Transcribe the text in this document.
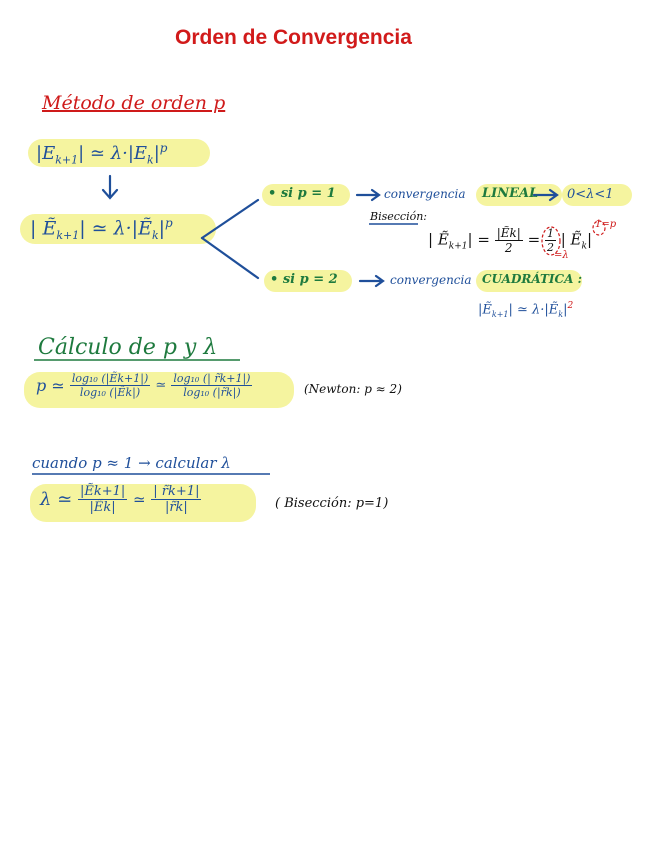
Orden de Convergencia
Método de orden p
$|E_{k+1}|$ ≃ $\lambda\cdot|E_k|^p$
| Ẽ$_{k+1}$| ≃ $\lambda\cdot|Ẽ_k|^p$
• si p = 1	convergencia LINEAL 0<λ<1
Bisección:
| Ẽ$_{k+1}$| = $\frac{\text{|Ẽk|}}{2} = \frac{1}{2}$ | Ẽ$_k$|
1=p
=λ
• si p = 2	convergencia CUADRÁTICA :
|Ẽ$_{k+1}$| ≃ $\lambda\cdot|Ẽ_k|^2$
Cálculo de p y λ
p ≃ $\frac{\text{log₁₀ (|Ẽk+1|)}}{\text{log₁₀ (|Ẽk|)}}$ ≃ $\frac{\text{log₁₀ (| r̃k+1|)}}{\text{log₁₀ (|r̃k|)}}$	(Newton: p ≈ 2)
cuando p ≈ 1 → calcular λ
λ ≃ $\frac{\text{|Ẽk+1|}}{\text{|Ẽk|}}$ ≃ $\frac{| r̃k+1|}{|r̃k|}$	( Bisección: p=1)
